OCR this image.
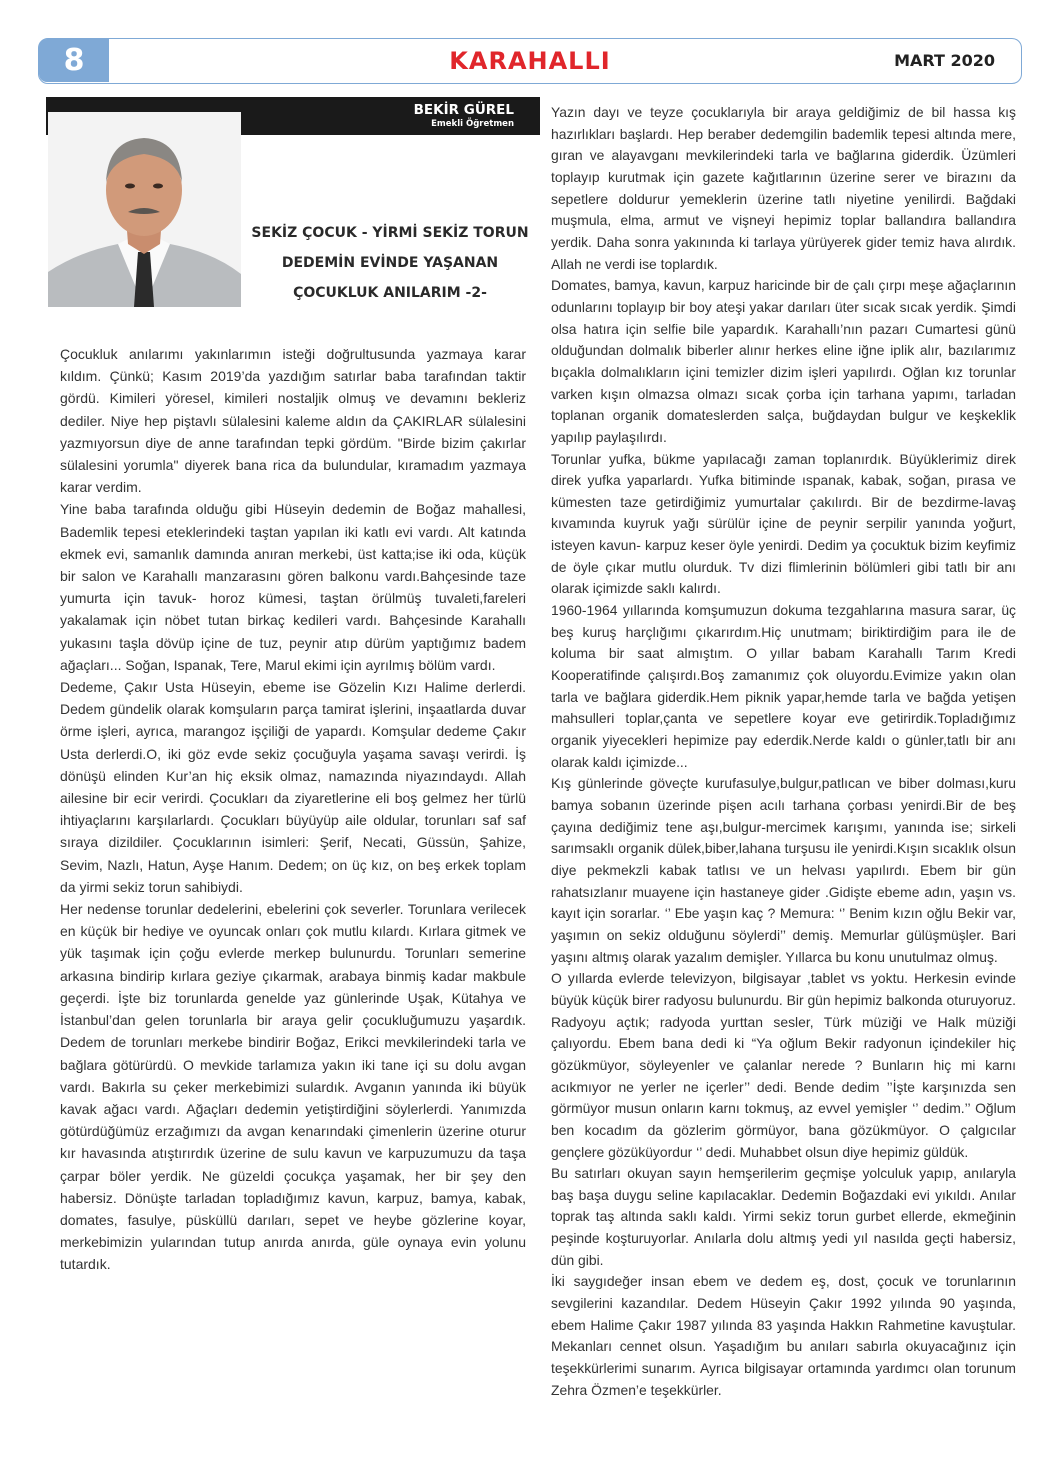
8	KARAHALLI	MART 2020
BEKİR GÜREL
Emekli Öğretmen
SEKİZ ÇOCUK - YİRMİ SEKİZ TORUN
DEDEMİN EVİNDE YAŞANAN
ÇOCUKLUK ANILARIM -2-

Çocukluk anılarımı yakınlarımın isteği doğrultusunda yazmaya karar kıldım. Çünkü; Kasım 2019’da yazdığım satırlar baba tarafından taktir gördü. Kimileri yöresel, kimileri nostaljik olmuş ve devamını bekleriz dediler. Niye hep piştavlı sülalesini kaleme aldın da ÇAKIRLAR sülalesini yazmıyorsun diye de anne tarafından tepki gördüm. "Birde bizim çakırlar sülalesini yorumla" diyerek bana rica da bulundular, kıramadım yazmaya karar verdim.

Yine baba tarafında olduğu gibi Hüseyin dedemin de Boğaz mahallesi, Bademlik tepesi eteklerindeki taştan yapılan iki katlı evi vardı. Alt katında ekmek evi, samanlık damında anıran merkebi, üst katta;ise iki oda, küçük bir salon ve Karahallı manzarasını gören balkonu vardı.Bahçesinde taze yumurta için tavuk- horoz kümesi, taştan örülmüş tuvaleti,fareleri yakalamak için nöbet tutan birkaç kedileri vardı. Bahçesinde Karahallı yukasını taşla dövüp içine de tuz, peynir atıp dürüm yaptığımız badem ağaçları... Soğan, Ispanak, Tere, Marul ekimi için ayrılmış bölüm vardı.

Dedeme, Çakır Usta Hüseyin, ebeme ise Gözelin Kızı Halime derlerdi. Dedem gündelik olarak komşuların parça tamirat işlerini, inşaatlarda duvar örme işleri, ayrıca, marangoz işçiliği de yapardı. Komşular dedeme Çakır Usta derlerdi.O, iki göz evde sekiz çocuğuyla yaşama savaşı verirdi. İş dönüşü elinden Kur’an hiç eksik olmaz, namazında niyazındaydı. Allah ailesine bir ecir verirdi. Çocukları da ziyaretlerine eli boş gelmez her türlü ihtiyaçlarını karşılarlardı. Çocukları büyüyüp aile oldular, torunları saf saf sıraya dizildiler. Çocuklarının isimleri: Şerif, Necati, Güssün, Şahize, Sevim, Nazlı, Hatun, Ayşe Hanım. Dedem; on üç kız, on beş erkek toplam da yirmi sekiz torun sahibiydi.

Her nedense torunlar dedelerini, ebelerini çok severler. Torunlara verilecek en küçük bir hediye ve oyuncak onları çok mutlu kılardı. Kırlara gitmek ve yük taşımak için çoğu evlerde merkep bulunurdu. Torunları semerine arkasına bindirip kırlara geziye çıkarmak, arabaya binmiş kadar makbule geçerdi. İşte biz torunlarda genelde yaz günlerinde Uşak, Kütahya ve İstanbul’dan gelen torunlarla bir araya gelir çocukluğumuzu yaşardık. Dedem de torunları merkebe bindirir Boğaz, Erikci mevkilerindeki tarla ve bağlara götürürdü. O mevkide tarlamıza yakın iki tane içi su dolu avgan vardı. Bakırla su çeker merkebimizi sulardık. Avganın yanında iki büyük kavak ağacı vardı. Ağaçları dedemin yetiştirdiğini söylerlerdi. Yanımızda götürdüğümüz erzağımızı da avgan kenarındaki çimenlerin üzerine oturur kır havasında atıştırırdık üzerine de sulu kavun ve karpuzumuzu da taşa çarpar böler yerdik. Ne güzeldi çocukça yaşamak, her bir şey den habersiz. Dönüşte tarladan topladığımız kavun, karpuz, bamya, kabak, domates, fasulye, püsküllü darıları, sepet ve heybe gözlerine koyar, merkebimizin yularından tutup anırda anırda, güle oynaya evin yolunu tutardık.

Yazın dayı ve teyze çocuklarıyla bir araya geldiğimiz de bil hassa kış hazırlıkları başlardı. Hep beraber dedemgilin bademlik tepesi altında mere, gıran ve alayavganı mevkilerindeki tarla ve bağlarına giderdik. Üzümleri toplayıp kurutmak için gazete kağıtlarının üzerine serer ve birazını da sepetlere doldurur yemeklerin üzerine tatlı niyetine yenilirdi. Bağdaki muşmula, elma, armut ve vişneyi hepimiz toplar ballandıra ballandıra yerdik. Daha sonra yakınında ki tarlaya yürüyerek gider temiz hava alırdık. Allah ne verdi ise toplardık.

Domates, bamya, kavun, karpuz haricinde bir de çalı çırpı meşe ağaçlarının odunlarını toplayıp bir boy ateşi yakar darıları üter sıcak sıcak yerdik. Şimdi olsa hatıra için selfie bile yapardık. Karahallı’nın pazarı Cumartesi günü olduğundan dolmalık biberler alınır herkes eline iğne iplik alır, bazılarımız bıçakla dolmalıkların içini temizler dizim işleri yapılırdı. Oğlan kız torunlar varken kışın olmazsa olmazı sıcak çorba için tarhana yapımı, tarladan toplanan organik domateslerden salça, buğdaydan bulgur ve keşkeklik yapılıp paylaşılırdı.

Torunlar yufka, bükme yapılacağı zaman toplanırdık. Büyüklerimiz direk direk yufka yaparlardı. Yufka bitiminde ıspanak, kabak, soğan, pırasa ve kümesten taze getirdiğimiz yumurtalar çakılırdı. Bir de bezdirme-lavaş kıvamında kuyruk yağı sürülür içine de peynir serpilir yanında yoğurt, isteyen kavun- karpuz keser öyle yenirdi. Dedim ya çocuktuk bizim keyfimiz de öyle çıkar mutlu olurduk. Tv dizi flimlerinin bölümleri gibi tatlı bir anı olarak içimizde saklı kalırdı.

1960-1964 yıllarında komşumuzun dokuma tezgahlarına masura sarar, üç beş kuruş harçlığımı çıkarırdım.Hiç unutmam; biriktirdiğim para ile de koluma bir saat almıştım. O yıllar babam Karahallı Tarım Kredi Kooperatifinde çalışırdı.Boş zamanımız çok oluyordu.Evimize yakın olan tarla ve bağlara giderdik.Hem piknik yapar,hemde tarla ve bağda yetişen mahsulleri toplar,çanta ve sepetlere koyar eve getirirdik.Topladığımız organik yiyecekleri hepimize pay ederdik.Nerde kaldı o günler,tatlı bir anı olarak kaldı içimizde...

Kış günlerinde göveçte kurufasulye,bulgur,patlıcan ve biber dolması,kuru bamya sobanın üzerinde pişen acılı tarhana çorbası yenirdi.Bir de beş çayına dediğimiz tene aşı,bulgur-mercimek karışımı, yanında ise; sirkeli sarımsaklı organik dülek,biber,lahana turşusu ile yenirdi.Kışın sıcaklık olsun diye pekmekzli kabak tatlısı ve un helvası yapılırdı. Ebem bir gün rahatsızlanır muayene için hastaneye gider .Gidişte ebeme adın, yaşın vs. kayıt için sorarlar. ‘’ Ebe yaşın kaç ? Memura: ‘’ Benim kızın oğlu Bekir var, yaşımın on sekiz olduğunu söylerdi’’ demiş. Memurlar gülüşmüşler. Bari yaşını altmış olarak yazalım demişler. Yıllarca bu konu unutulmaz olmuş.

O yıllarda evlerde televizyon, bilgisayar ,tablet vs yoktu. Herkesin evinde büyük küçük birer radyosu bulunurdu. Bir gün hepimiz balkonda oturuyoruz. Radyoyu açtık; radyoda yurttan sesler, Türk müziği ve Halk müziği çalıyordu. Ebem bana dedi ki “Ya oğlum Bekir radyonun içindekiler hiç gözükmüyor, söyleyenler ve çalanlar nerede ? Bunların hiç mi karnı acıkmıyor ne yerler ne içerler’’ dedi. Bende dedim ’’İşte karşınızda sen görmüyor musun onların karnı tokmuş, az evvel yemişler ‘’ dedim.’’ Oğlum ben kocadım da gözlerim görmüyor, bana gözükmüyor. O çalgıcılar gençlere gözüküyordur ‘’ dedi. Muhabbet olsun diye hepimiz güldük.

Bu satırları okuyan sayın hemşerilerim geçmişe yolculuk yapıp, anılaryla baş başa duygu seline kapılacaklar. Dedemin Boğazdaki evi yıkıldı. Anılar toprak taş altında saklı kaldı. Yirmi sekiz torun gurbet ellerde, ekmeğinin peşinde koşturuyorlar. Anılarla dolu altmış yedi yıl nasılda geçti habersiz, dün gibi.

İki saygıdeğer insan ebem ve dedem eş, dost, çocuk ve torunlarının sevgilerini kazandılar. Dedem Hüseyin Çakır 1992 yılında 90 yaşında, ebem Halime Çakır 1987 yılında 83 yaşında Hakkın Rahmetine kavuştular. Mekanları cennet olsun. Yaşadığım bu anıları sabırla okuyacağınız için teşekkürlerimi sunarım. Ayrıca bilgisayar ortamında yardımcı olan torunum Zehra Özmen’e teşekkürler.
